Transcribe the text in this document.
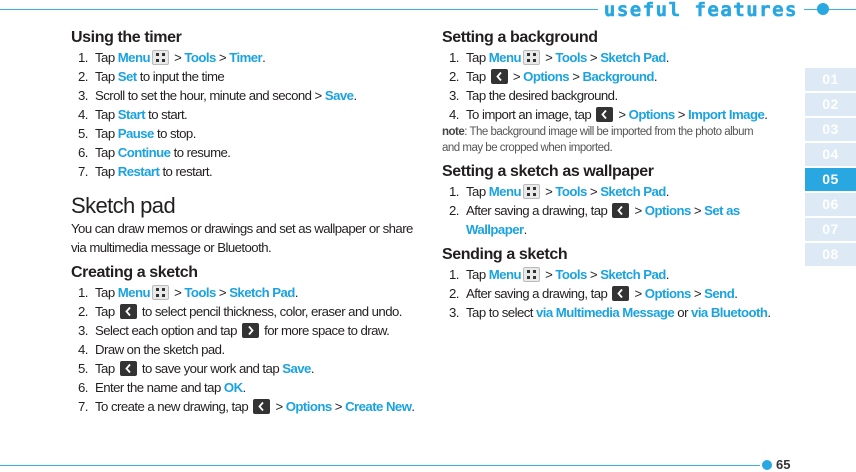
useful features
01
02
03
04
05
06
07
08
Using the timer
1. Tap Menu
> Tools > Timer.
2. Tap Set to input the time
3. Scroll to set the hour, minute and second > Save.
4. Tap Start to start.
5. Tap Pause to stop.
6. Tap Continue to resume.
7. Tap Restart to restart.
Sketch pad

You can draw memos or drawings and set as wallpaper or share via multimedia message or Bluetooth.

Creating a sketch
1. Tap Menu
> Tools > Sketch Pad.
2. Tap
to select pencil thickness, color, eraser and undo.
3. Select each option and tap
for more space to draw.
4. Draw on the sketch pad.
5. Tap
to save your work and tap Save.
6. Enter the name and tap OK.
7. To create a new drawing, tap
> Options > Create New.
Setting a background
1. Tap Menu
> Tools > Sketch Pad.
2. Tap
> Options > Background.
3. Tap the desired background.
4. To import an image, tap
> Options > Import Image.

note: The background image will be imported from the photo album and may be cropped when imported.

Setting a sketch as wallpaper
1. Tap Menu
> Tools > Sketch Pad.
2. After saving a drawing, tap
> Options > Set as Wallpaper.
Sending a sketch
1. Tap Menu
> Tools > Sketch Pad.
2. After saving a drawing, tap
> Options > Send.
3. Tap to select via Multimedia Message or via Bluetooth.
65
